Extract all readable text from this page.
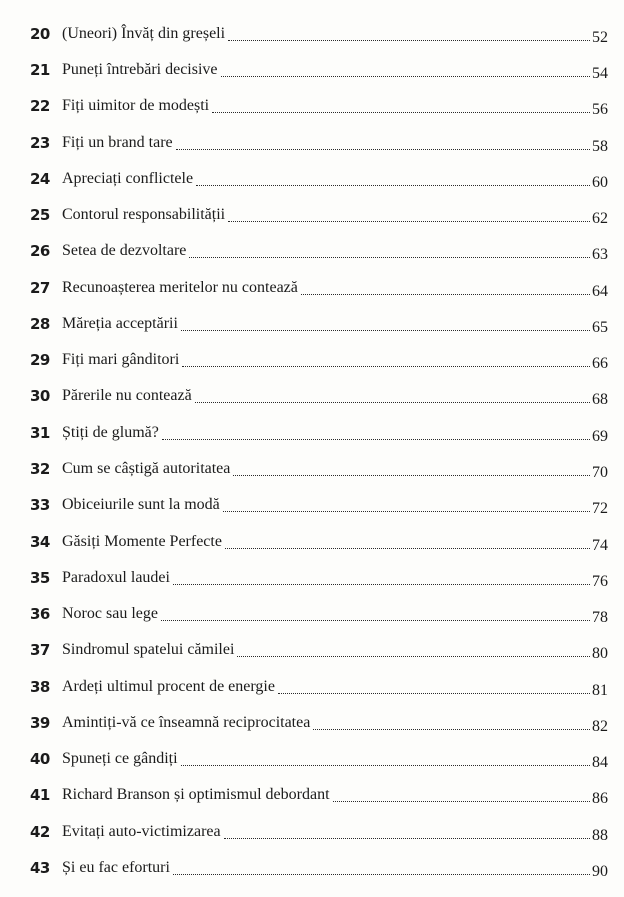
20 (Uneori) Învăț din greșeli	52
21 Puneți întrebări decisive	54
22 Fiți uimitor de modești	56
23 Fiți un brand tare	58
24 Apreciați conflictele	60
25 Contorul responsabilității	62
26 Setea de dezvoltare	63
27 Recunoașterea meritelor nu contează	64
28 Măreția acceptării	65
29 Fiți mari gânditori	66
30 Părerile nu contează	68
31 Știți de glumă?	69
32 Cum se câștigă autoritatea	70
33 Obiceiurile sunt la modă	72
34 Găsiți Momente Perfecte	74
35 Paradoxul laudei	76
36 Noroc sau lege	78
37 Sindromul spatelui cămilei	80
38 Ardeți ultimul procent de energie	81
39 Amintiți-vă ce înseamnă reciprocitatea	82
40 Spuneți ce gândiți	84
41 Richard Branson și optimismul debordant	86
42 Evitați auto-victimizarea	88
43 Și eu fac eforturi	90
